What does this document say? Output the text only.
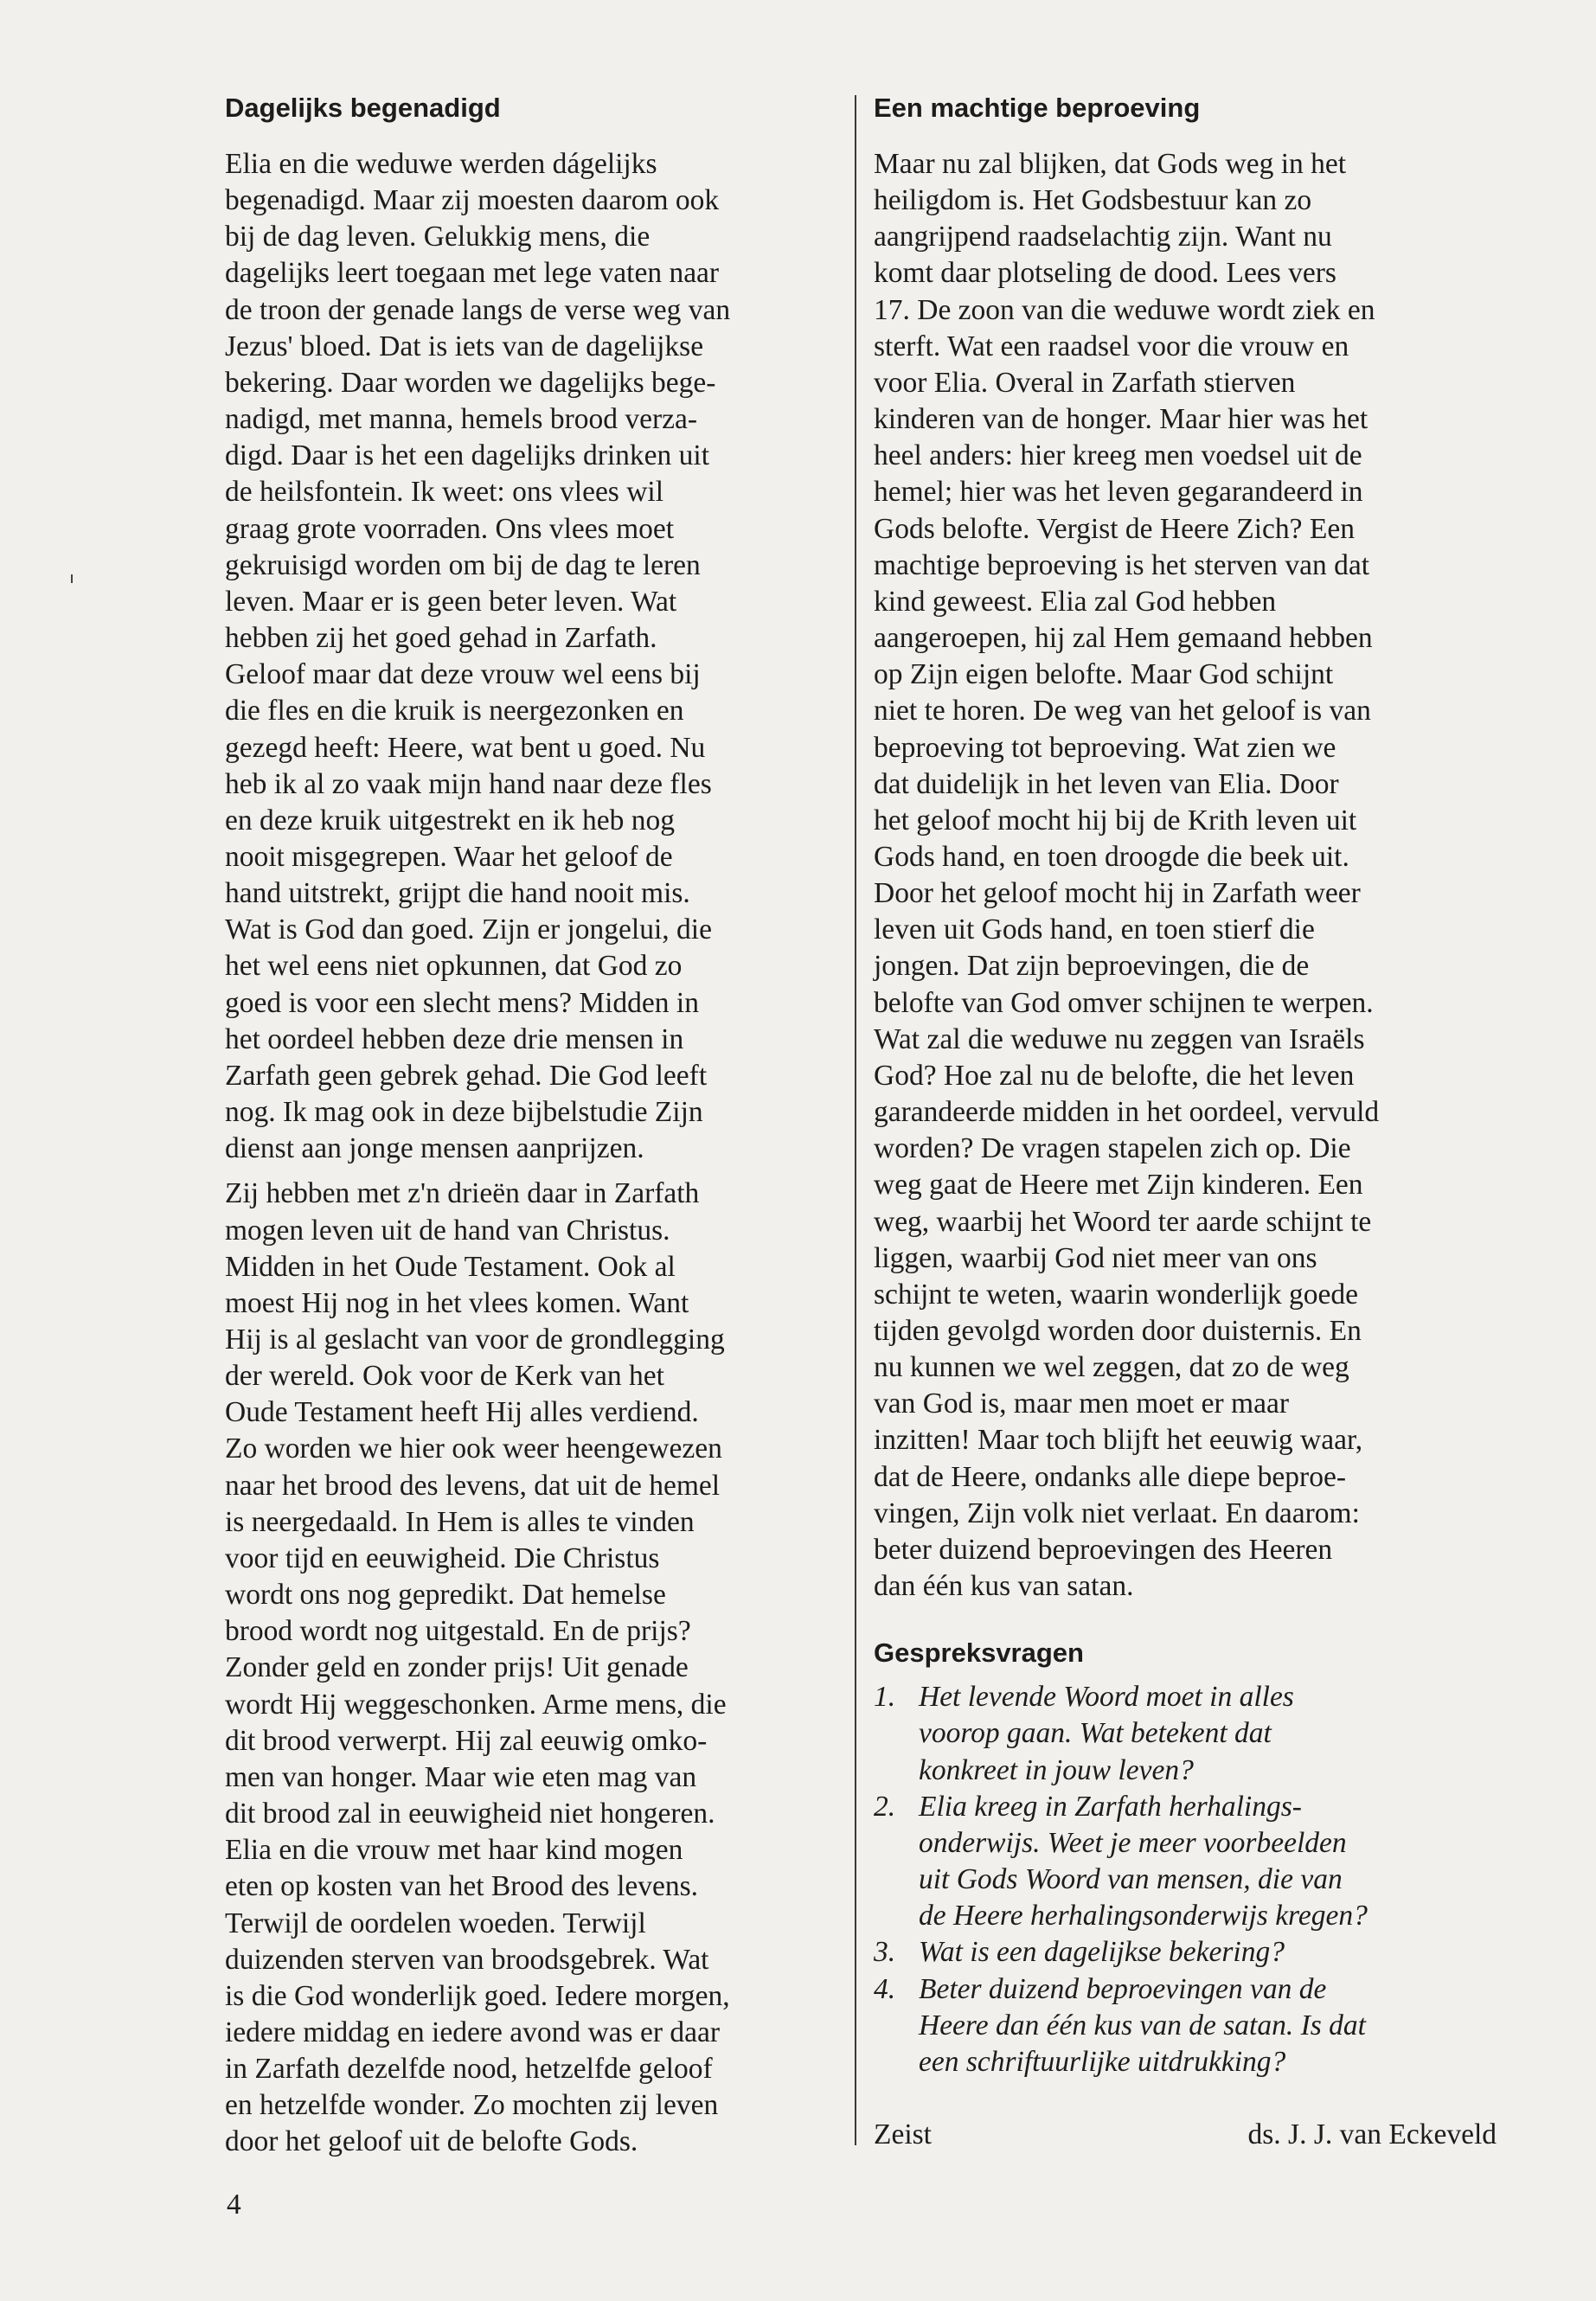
Dagelijks begenadigd
Elia en die weduwe werden dágelijks
begenadigd. Maar zij moesten daarom ook
bij de dag leven. Gelukkig mens, die
dagelijks leert toegaan met lege vaten naar
de troon der genade langs de verse weg van
Jezus' bloed. Dat is iets van de dagelijkse
bekering. Daar worden we dagelijks bege-
nadigd, met manna, hemels brood verza-
digd. Daar is het een dagelijks drinken uit
de heilsfontein. Ik weet: ons vlees wil
graag grote voorraden. Ons vlees moet
gekruisigd worden om bij de dag te leren
leven. Maar er is geen beter leven. Wat
hebben zij het goed gehad in Zarfath.
Geloof maar dat deze vrouw wel eens bij
die fles en die kruik is neergezonken en
gezegd heeft: Heere, wat bent u goed. Nu
heb ik al zo vaak mijn hand naar deze fles
en deze kruik uitgestrekt en ik heb nog
nooit misgegrepen. Waar het geloof de
hand uitstrekt, grijpt die hand nooit mis.
Wat is God dan goed. Zijn er jongelui, die
het wel eens niet opkunnen, dat God zo
goed is voor een slecht mens? Midden in
het oordeel hebben deze drie mensen in
Zarfath geen gebrek gehad. Die God leeft
nog. Ik mag ook in deze bijbelstudie Zijn
dienst aan jonge mensen aanprijzen.
Zij hebben met z'n drieën daar in Zarfath
mogen leven uit de hand van Christus.
Midden in het Oude Testament. Ook al
moest Hij nog in het vlees komen. Want
Hij is al geslacht van voor de grondlegging
der wereld. Ook voor de Kerk van het
Oude Testament heeft Hij alles verdiend.
Zo worden we hier ook weer heengewezen
naar het brood des levens, dat uit de hemel
is neergedaald. In Hem is alles te vinden
voor tijd en eeuwigheid. Die Christus
wordt ons nog gepredikt. Dat hemelse
brood wordt nog uitgestald. En de prijs?
Zonder geld en zonder prijs! Uit genade
wordt Hij weggeschonken. Arme mens, die
dit brood verwerpt. Hij zal eeuwig omko-
men van honger. Maar wie eten mag van
dit brood zal in eeuwigheid niet hongeren.
Elia en die vrouw met haar kind mogen
eten op kosten van het Brood des levens.
Terwijl de oordelen woeden. Terwijl
duizenden sterven van broodsgebrek. Wat
is die God wonderlijk goed. Iedere morgen,
iedere middag en iedere avond was er daar
in Zarfath dezelfde nood, hetzelfde geloof
en hetzelfde wonder. Zo mochten zij leven
door het geloof uit de belofte Gods.
Een machtige beproeving
Maar nu zal blijken, dat Gods weg in het
heiligdom is. Het Godsbestuur kan zo
aangrijpend raadselachtig zijn. Want nu
komt daar plotseling de dood. Lees vers
17. De zoon van die weduwe wordt ziek en
sterft. Wat een raadsel voor die vrouw en
voor Elia. Overal in Zarfath stierven
kinderen van de honger. Maar hier was het
heel anders: hier kreeg men voedsel uit de
hemel; hier was het leven gegarandeerd in
Gods belofte. Vergist de Heere Zich? Een
machtige beproeving is het sterven van dat
kind geweest. Elia zal God hebben
aangeroepen, hij zal Hem gemaand hebben
op Zijn eigen belofte. Maar God schijnt
niet te horen. De weg van het geloof is van
beproeving tot beproeving. Wat zien we
dat duidelijk in het leven van Elia. Door
het geloof mocht hij bij de Krith leven uit
Gods hand, en toen droogde die beek uit.
Door het geloof mocht hij in Zarfath weer
leven uit Gods hand, en toen stierf die
jongen. Dat zijn beproevingen, die de
belofte van God omver schijnen te werpen.
Wat zal die weduwe nu zeggen van Israëls
God? Hoe zal nu de belofte, die het leven
garandeerde midden in het oordeel, vervuld
worden? De vragen stapelen zich op. Die
weg gaat de Heere met Zijn kinderen. Een
weg, waarbij het Woord ter aarde schijnt te
liggen, waarbij God niet meer van ons
schijnt te weten, waarin wonderlijk goede
tijden gevolgd worden door duisternis. En
nu kunnen we wel zeggen, dat zo de weg
van God is, maar men moet er maar
inzitten! Maar toch blijft het eeuwig waar,
dat de Heere, ondanks alle diepe beproe-
vingen, Zijn volk niet verlaat. En daarom:
beter duizend beproevingen des Heeren
dan één kus van satan.
Gespreksvragen
1. Het levende Woord moet in alles
voorop gaan. Wat betekent dat
konkreet in jouw leven?
2. Elia kreeg in Zarfath herhalings-
onderwijs. Weet je meer voorbeelden
uit Gods Woord van mensen, die van
de Heere herhalingsonderwijs kregen?
3. Wat is een dagelijkse bekering?
4. Beter duizend beproevingen van de
Heere dan één kus van de satan. Is dat
een schriftuurlijke uitdrukking?
Zeist	ds. J. J. van Eckeveld
4
